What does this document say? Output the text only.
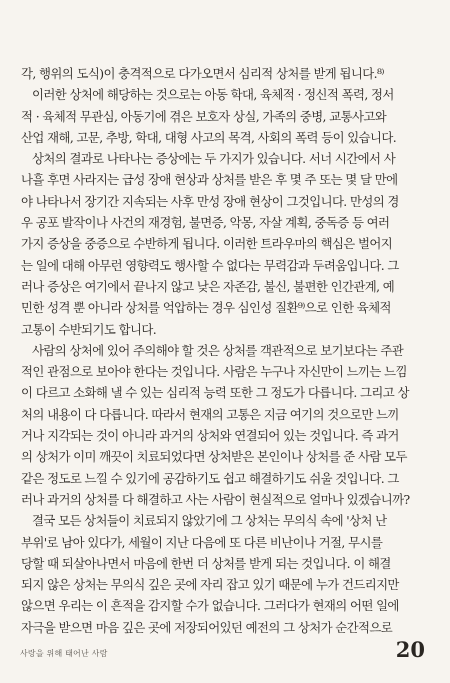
각, 행위의 도식)이 충격적으로 다가오면서 심리적 상처를 받게 됩니다.⁸⁾
이러한 상처에 해당하는 것으로는 아동 학대, 육체적 · 정신적 폭력, 정서
적 · 육체적 무관심, 아동기에 겪은 보호자 상실, 가족의 중병, 교통사고와
산업 재해, 고문, 추방, 학대, 대형 사고의 목격, 사회의 폭력 등이 있습니다.
상처의 결과로 나타나는 증상에는 두 가지가 있습니다. 서너 시간에서 사
나흘 후면 사라지는 급성 장애 현상과 상처를 받은 후 몇 주 또는 몇 달 만에
야 나타나서 장기간 지속되는 사후 만성 장애 현상이 그것입니다. 만성의 경
우 공포 발작이나 사건의 재경험, 불면증, 악몽, 자살 계획, 중독증 등 여러
가지 증상을 중증으로 수반하게 됩니다. 이러한 트라우마의 핵심은 벌어지
는 일에 대해 아무런 영향력도 행사할 수 없다는 무력감과 두려움입니다. 그
러나 증상은 여기에서 끝나지 않고 낮은 자존감, 불신, 불편한 인간관계, 예
민한 성격 뿐 아니라 상처를 억압하는 경우 심인성 질환⁹⁾으로 인한 육체적
고통이 수반되기도 합니다.
사람의 상처에 있어 주의해야 할 것은 상처를 객관적으로 보기보다는 주관
적인 관점으로 보아야 한다는 것입니다. 사람은 누구나 자신만이 느끼는 느낌
이 다르고 소화해 낼 수 있는 심리적 능력 또한 그 정도가 다릅니다. 그리고 상
처의 내용이 다 다릅니다. 따라서 현재의 고통은 지금 여기의 것으로만 느끼
거나 지각되는 것이 아니라 과거의 상처와 연결되어 있는 것입니다. 즉 과거
의 상처가 이미 깨끗이 치료되었다면 상처받은 본인이나 상처를 준 사람 모두
같은 정도로 느낄 수 있기에 공감하기도 쉽고 해결하기도 쉬울 것입니다. 그
러나 과거의 상처를 다 해결하고 사는 사람이 현실적으로 얼마나 있겠습니까?
결국 모든 상처들이 치료되지 않았기에 그 상처는 무의식 속에 '상처 난
부위'로 남아 있다가, 세월이 지난 다음에 또 다른 비난이나 거절, 무시를
당할 때 되살아나면서 마음에 한번 더 상처를 받게 되는 것입니다. 이 해결
되지 않은 상처는 무의식 깊은 곳에 자리 잡고 있기 때문에 누가 건드리지만
않으면 우리는 이 흔적을 감지할 수가 없습니다. 그러다가 현재의 어떤 일에
자극을 받으면 마음 깊은 곳에 저장되어있던 예전의 그 상처가 순간적으로
사랑을 위해 태어난 사람	20
